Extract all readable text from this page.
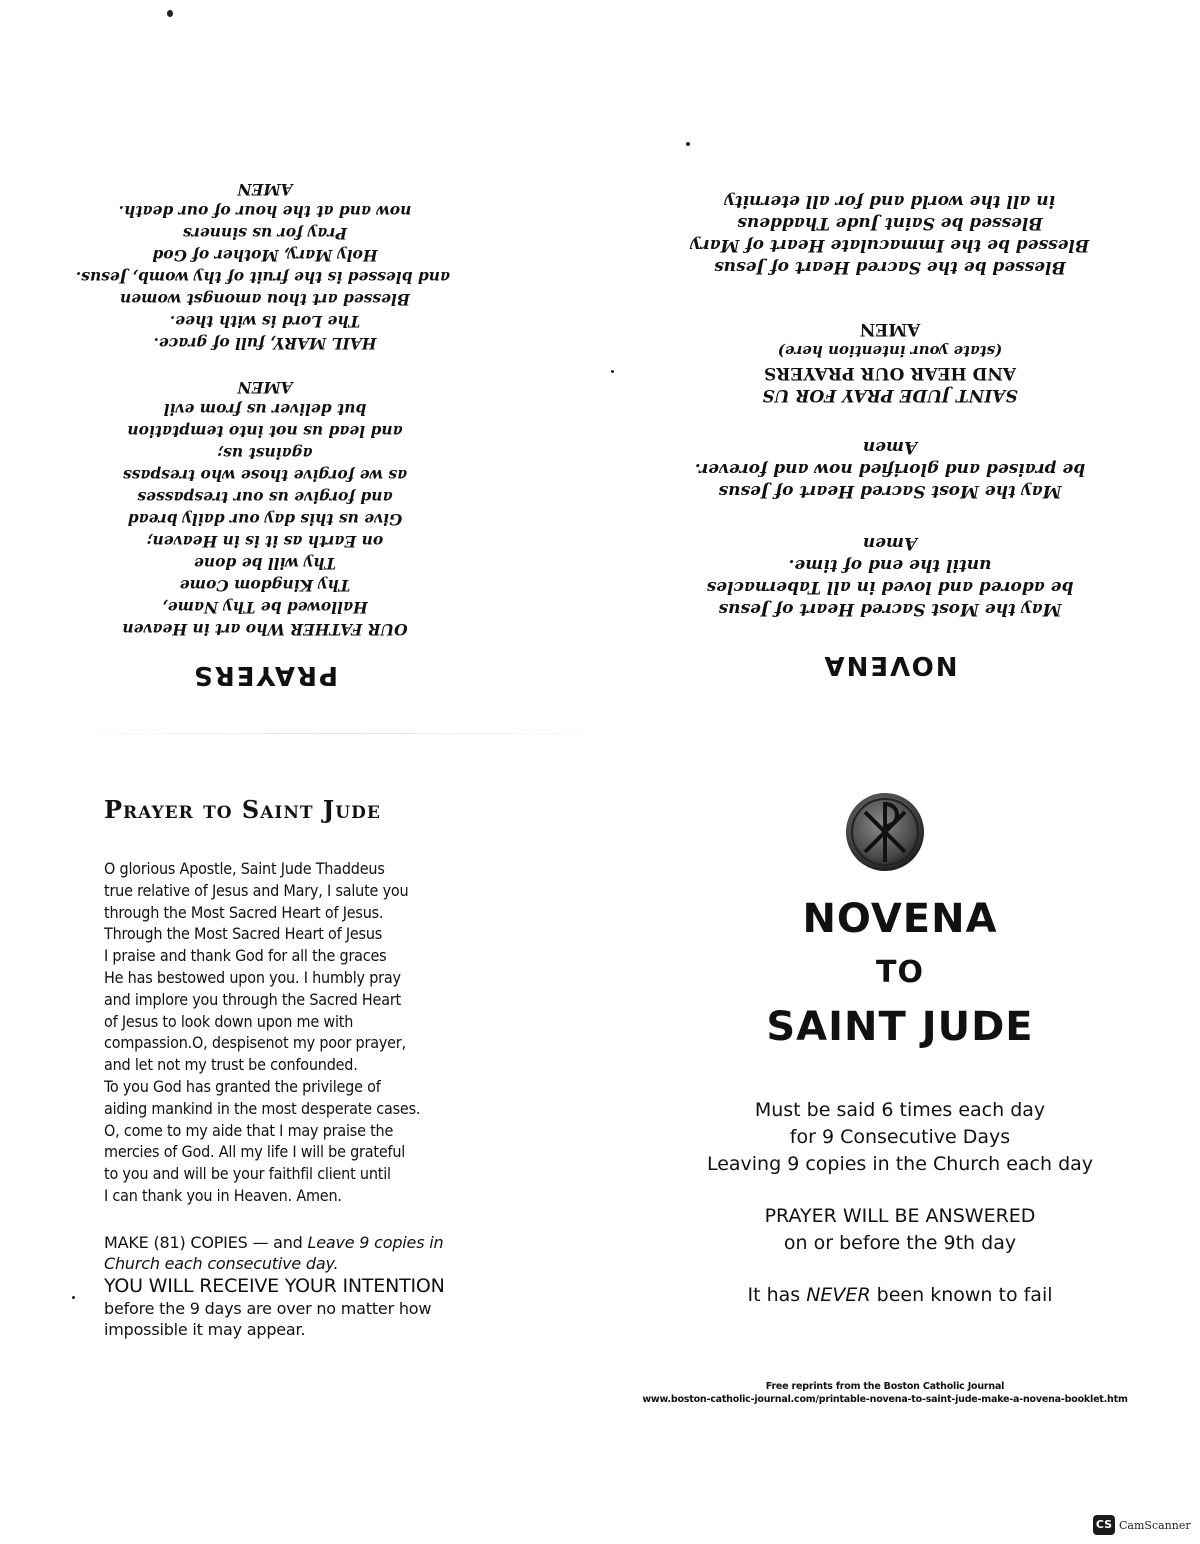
PRAYERS
OUR FATHER Who art in Heaven
Hallowed be Thy Name,
Thy Kingdom Come
Thy will be done
on Earth as it is in Heaven;
Give us this day our daily bread
and forgive us our trespasses
as we forgive those who trespass
against us;
and lead us not into temptation
but deliver us from evil
AMEN
HAIL MARY, full of grace.
The Lord is with thee.
Blessed art thou amongst women
and blessed is the fruit of thy womb, Jesus.
Holy Mary, Mother of God
Pray for us sinners
now and at the hour of our death.
AMEN
NOVENA
May the Most Sacred Heart of Jesus
be adored and loved in all Tabernacles
until the end of time.
Amen
May the Most Sacred Heart of Jesus
be praised and glorified now and forever.
Amen
SAINT JUDE PRAY FOR US
AND HEAR OUR PRAYERS
(state your intention here)
AMEN
Blessed be the Sacred Heart of Jesus
Blessed be the Immaculate Heart of Mary
Blessed be Saint Jude Thaddeus
in all the world and for all eternity
Prayer to Saint Jude
O glorious Apostle, Saint Jude Thaddeus
true relative of Jesus and Mary, I salute you
through the Most Sacred Heart of Jesus.
Through the Most Sacred Heart of Jesus
I praise and thank God for all the graces
He has bestowed upon you. I humbly pray
and implore you through the Sacred Heart
of Jesus to look down upon me with
compassion.O, despisenot my poor prayer,
and let not my trust be confounded.
To you God has granted the privilege of
aiding mankind in the most desperate cases.
O, come to my aide that I may praise the
mercies of God. All my life I will be grateful
to you and will be your faithfil client until
I can thank you in Heaven. Amen.
MAKE (81) COPIES — and Leave 9 copies in
Church each consecutive day.
YOU WILL RECEIVE YOUR INTENTION
before the 9 days are over no matter how
impossible it may appear.
NOVENA
TO
SAINT JUDE
Must be said 6 times each day
for 9 Consecutive Days
Leaving 9 copies in the Church each day
PRAYER WILL BE ANSWERED
on or before the 9th day
It has NEVER been known to fail
Free reprints from the Boston Catholic Journal
www.boston-catholic-journal.com/printable-novena-to-saint-jude-make-a-novena-booklet.htm
CS CamScanner
